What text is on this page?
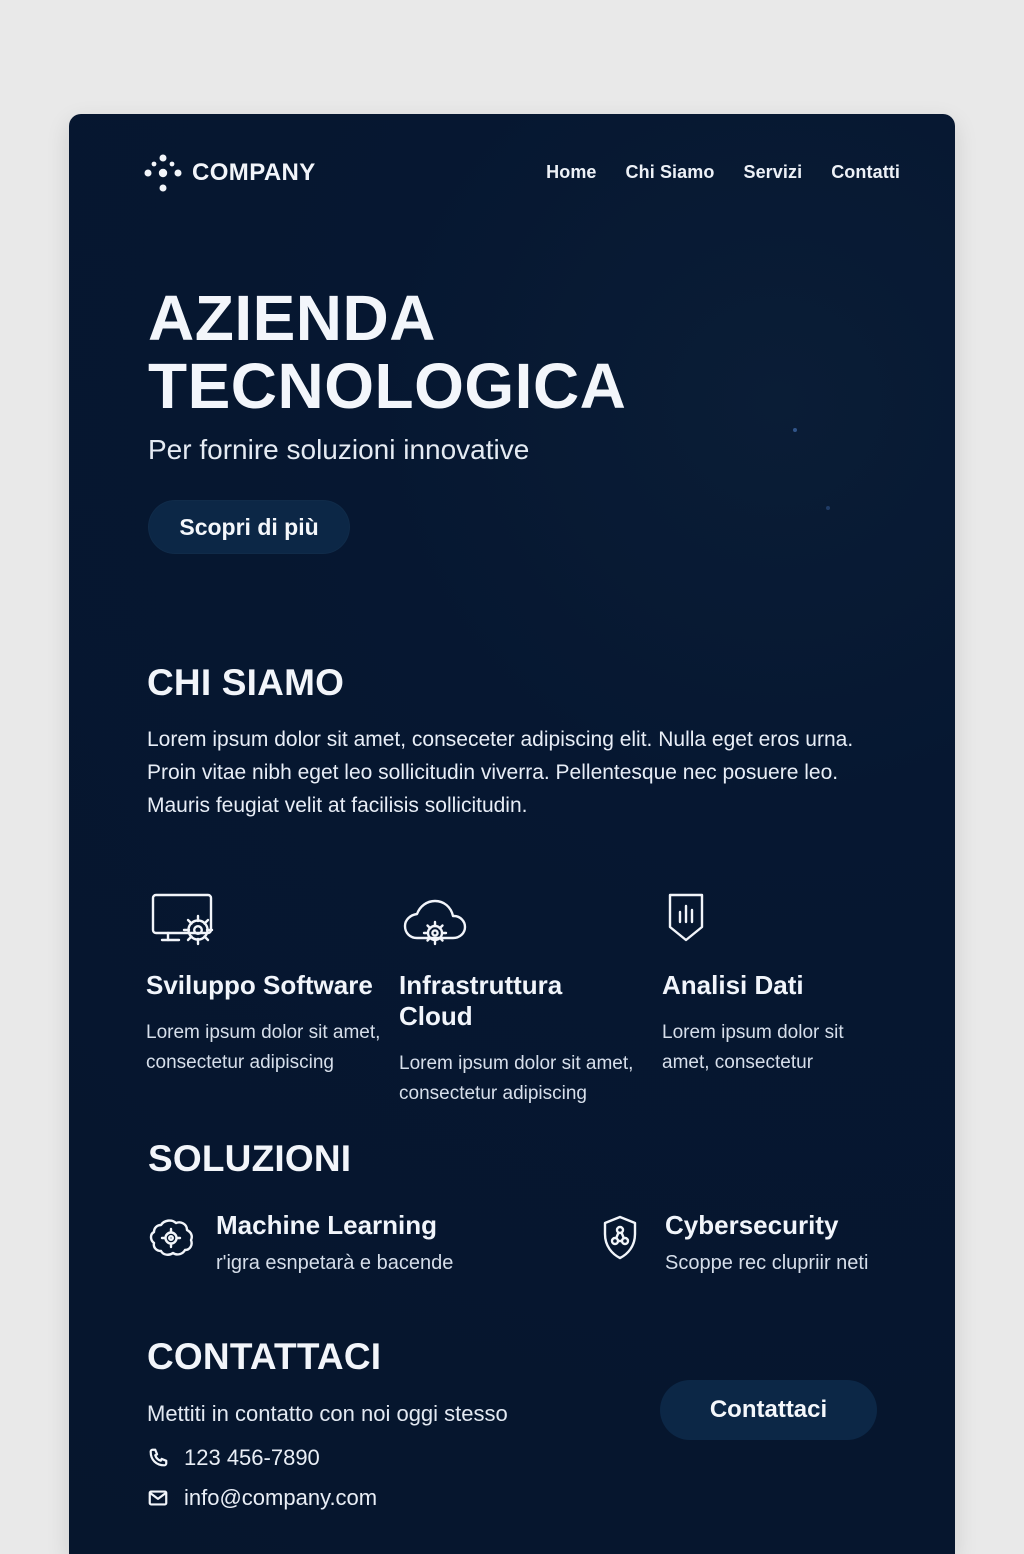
COMPANY	Home Chi Siamo Servizi Contatti
AZIENDA
TECNOLOGICA
Per fornire soluzioni innovative
Scopri di più
CHI SIAMO
Lorem ipsum dolor sit amet, conseceter adipiscing elit. Nulla eget eros urna.
Proin vitae nibh eget leo sollicitudin viverra. Pellentesque nec posuere leo.
Mauris feugiat velit at facilisis sollicitudin.
Sviluppo Software
Lorem ipsum dolor sit amet,
consectetur adipiscing
Infrastruttura Cloud
Lorem ipsum dolor sit amet,
consectetur adipiscing
Analisi Dati
Lorem ipsum dolor sit
amet, consectetur
SOLUZIONI
Machine Learning
r'igra esnpetarà e bacende
Cybersecurity
Scoppe rec clupriir neti
CONTATTACI
Mettiti in contatto con noi oggi stesso
123 456-7890
info@company.com
Contattaci
